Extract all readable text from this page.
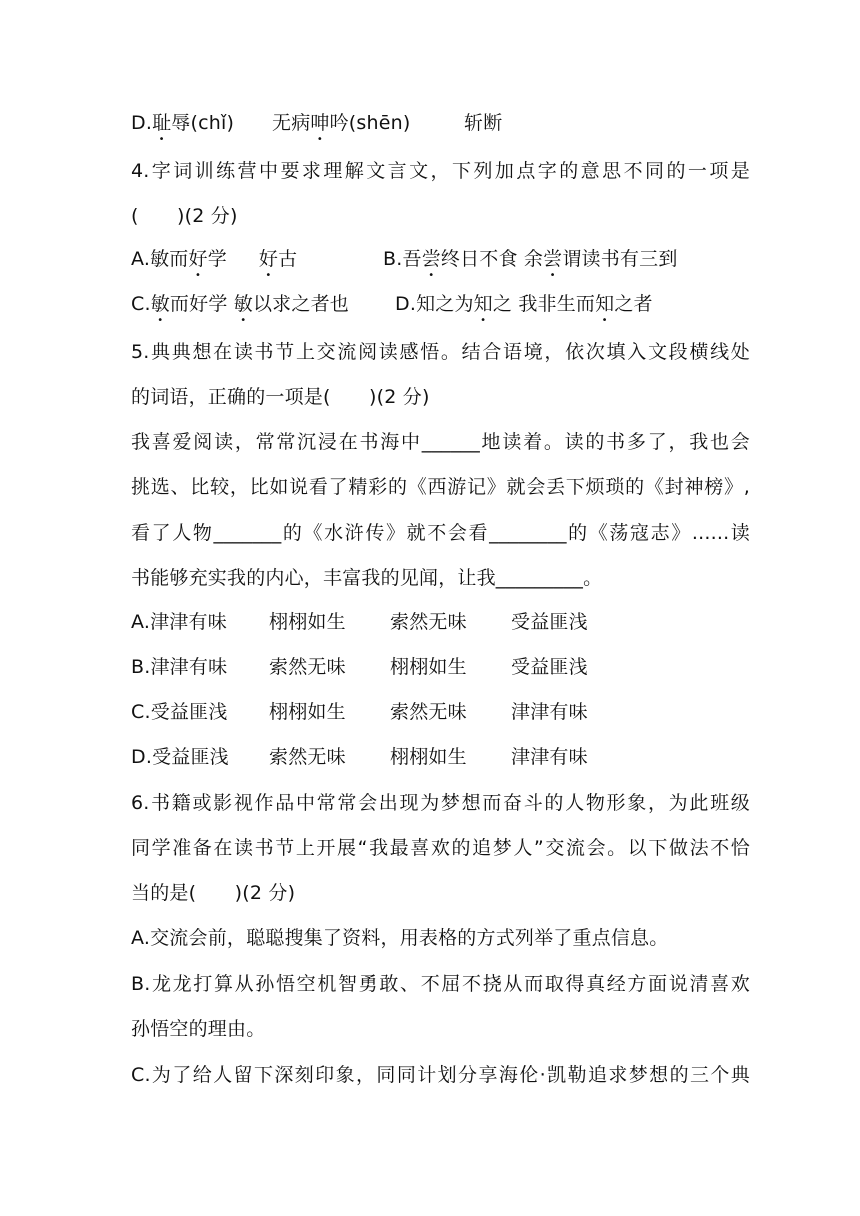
D.耻辱(chǐ) 无病呻吟(shēn)	斩断
4.字词训练营中要求理解文言文，下列加点字的意思不同的一项是
(　　)(2 分)
A.敏而好学 好古	B.吾尝终日不食 余尝谓读书有三到
C.敏而好学 敏以求之者也 D.知之为知之 我非生而知之者
5.典典想在读书节上交流阅读感悟。结合语境，依次填入文段横线处
的词语，正确的一项是(　　)(2 分)
我喜爱阅读，常常沉浸在书海中______地读着。读的书多了，我也会
挑选、比较，比如说看了精彩的《西游记》就会丢下烦琐的《封神榜》,
看了人物_______的《水浒传》就不会看________的《荡寇志》......读
书能够充实我的内心，丰富我的见闻，让我_________。
A.津津有味 栩栩如生 索然无味 受益匪浅
B.津津有味 索然无味 栩栩如生 受益匪浅
C.受益匪浅 栩栩如生 索然无味 津津有味
D.受益匪浅 索然无味 栩栩如生 津津有味
6.书籍或影视作品中常常会出现为梦想而奋斗的人物形象，为此班级
同学准备在读书节上开展“我最喜欢的追梦人”交流会。以下做法不恰
当的是(　　)(2 分)
A.交流会前，聪聪搜集了资料，用表格的方式列举了重点信息。
B.龙龙打算从孙悟空机智勇敢、不屈不挠从而取得真经方面说清喜欢
孙悟空的理由。
C.为了给人留下深刻印象，同同计划分享海伦·凯勒追求梦想的三个典
